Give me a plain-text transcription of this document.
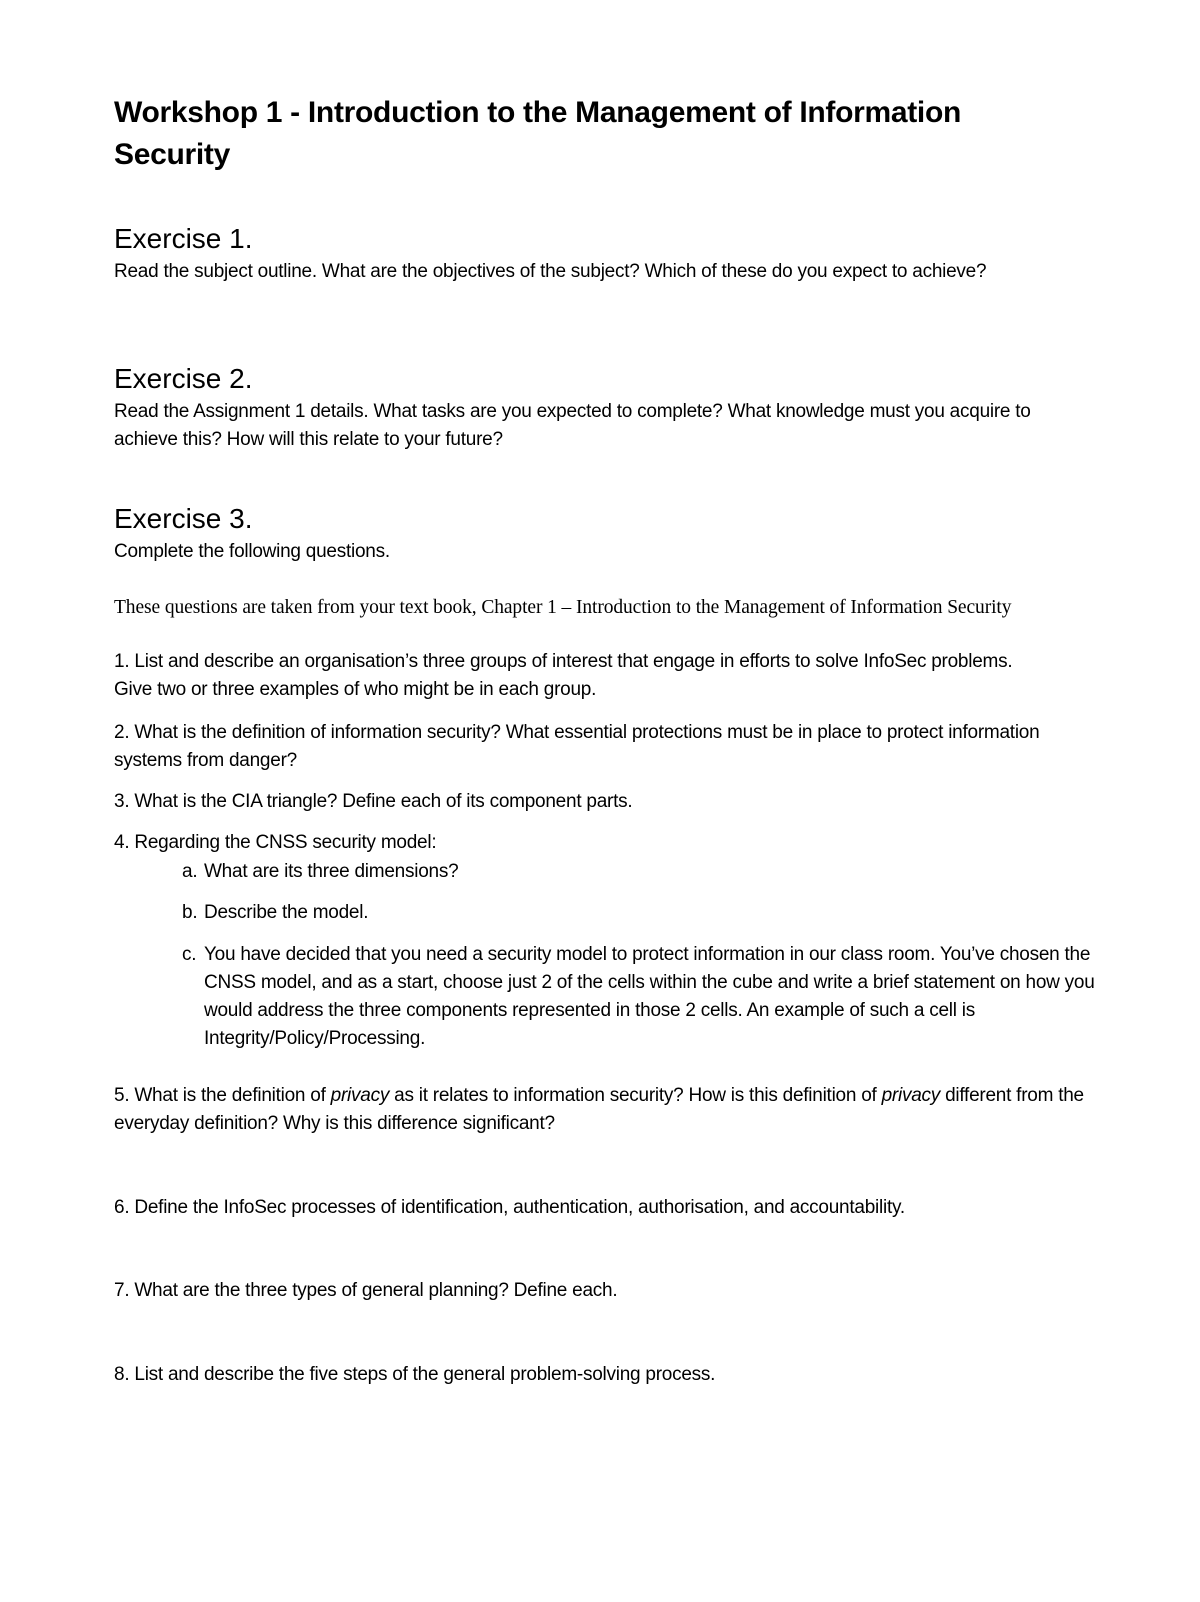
Workshop 1 - Introduction to the Management of Information Security
Exercise 1.

Read the subject outline. What are the objectives of the subject? Which of these do you expect to achieve?

Exercise 2.

Read the Assignment 1 details. What tasks are you expected to complete? What knowledge must you acquire to achieve this? How will this relate to your future?

Exercise 3.

Complete the following questions.

These questions are taken from your text book, Chapter 1 – Introduction to the Management of Information Security

1. List and describe an organisation’s three groups of interest that engage in efforts to solve InfoSec problems. Give two or three examples of who might be in each group.

2. What is the definition of information security? What essential protections must be in place to protect information systems from danger?

3. What is the CIA triangle? Define each of its component parts.

4. Regarding the CNSS security model:

a. What are its three dimensions?

b. Describe the model.

c. You have decided that you need a security model to protect information in our class room. You’ve chosen the CNSS model, and as a start, choose just 2 of the cells within the cube and write a brief statement on how you would address the three components represented in those 2 cells. An example of such a cell is Integrity/Policy/Processing.

5. What is the definition of privacy as it relates to information security? How is this definition of privacy different from the everyday definition? Why is this difference significant?

6. Define the InfoSec processes of identification, authentication, authorisation, and accountability.

7. What are the three types of general planning? Define each.

8. List and describe the five steps of the general problem-solving process.
